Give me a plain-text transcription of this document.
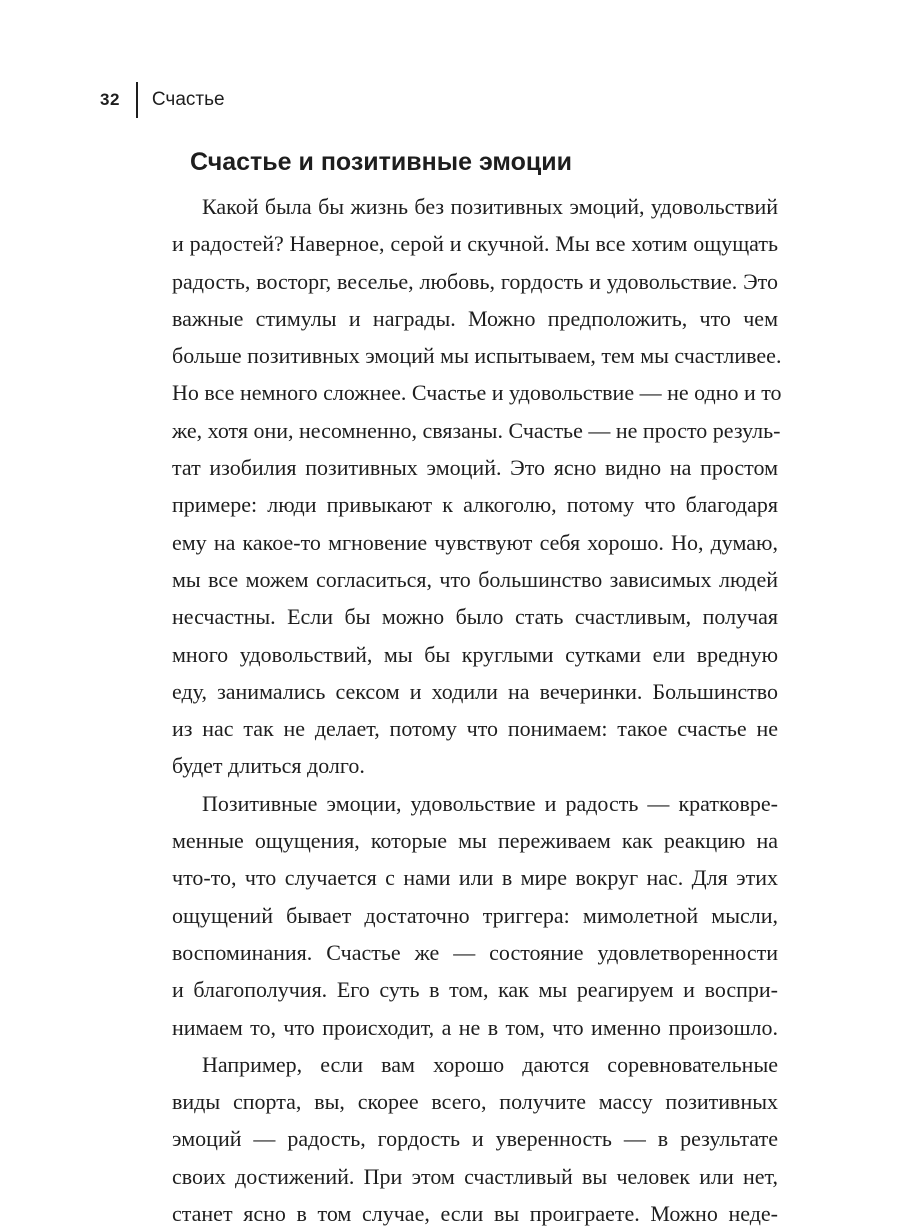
32 Счастье
Счастье и позитивные эмоции

Какой была бы жизнь без позитивных эмоций, удовольствий
и радостей? Наверное, серой и скучной. Мы все хотим ощущать
радость, восторг, веселье, любовь, гордость и удовольствие. Это
важные стимулы и награды. Можно предположить, что чем
больше позитивных эмоций мы испытываем, тем мы счастливее.
Но все немного сложнее. Счастье и удовольствие — не одно и то
же, хотя они, несомненно, связаны. Счастье — не просто резуль-
тат изобилия позитивных эмоций. Это ясно видно на простом
примере: люди привыкают к алкоголю, потому что благодаря
ему на какое-то мгновение чувствуют себя хорошо. Но, думаю,
мы все можем согласиться, что большинство зависимых людей
несчастны. Если бы можно было стать счастливым, получая
много удовольствий, мы бы круглыми сутками ели вредную
еду, занимались сексом и ходили на вечеринки. Большинство
из нас так не делает, потому что понимаем: такое счастье не
будет длиться долго.

Позитивные эмоции, удовольствие и радость — кратковре-
менные ощущения, которые мы переживаем как реакцию на
что-то, что случается с нами или в мире вокруг нас. Для этих
ощущений бывает достаточно триггера: мимолетной мысли,
воспоминания. Счастье же — состояние удовлетворенности
и благополучия. Его суть в том, как мы реагируем и воспри-
нимаем то, что происходит, а не в том, что именно произошло.

Например, если вам хорошо даются соревновательные
виды спорта, вы, скорее всего, получите массу позитивных
эмоций — радость, гордость и уверенность — в результате
своих достижений. При этом счастливый вы человек или нет,
станет ясно в том случае, если вы проиграете. Можно неде-
